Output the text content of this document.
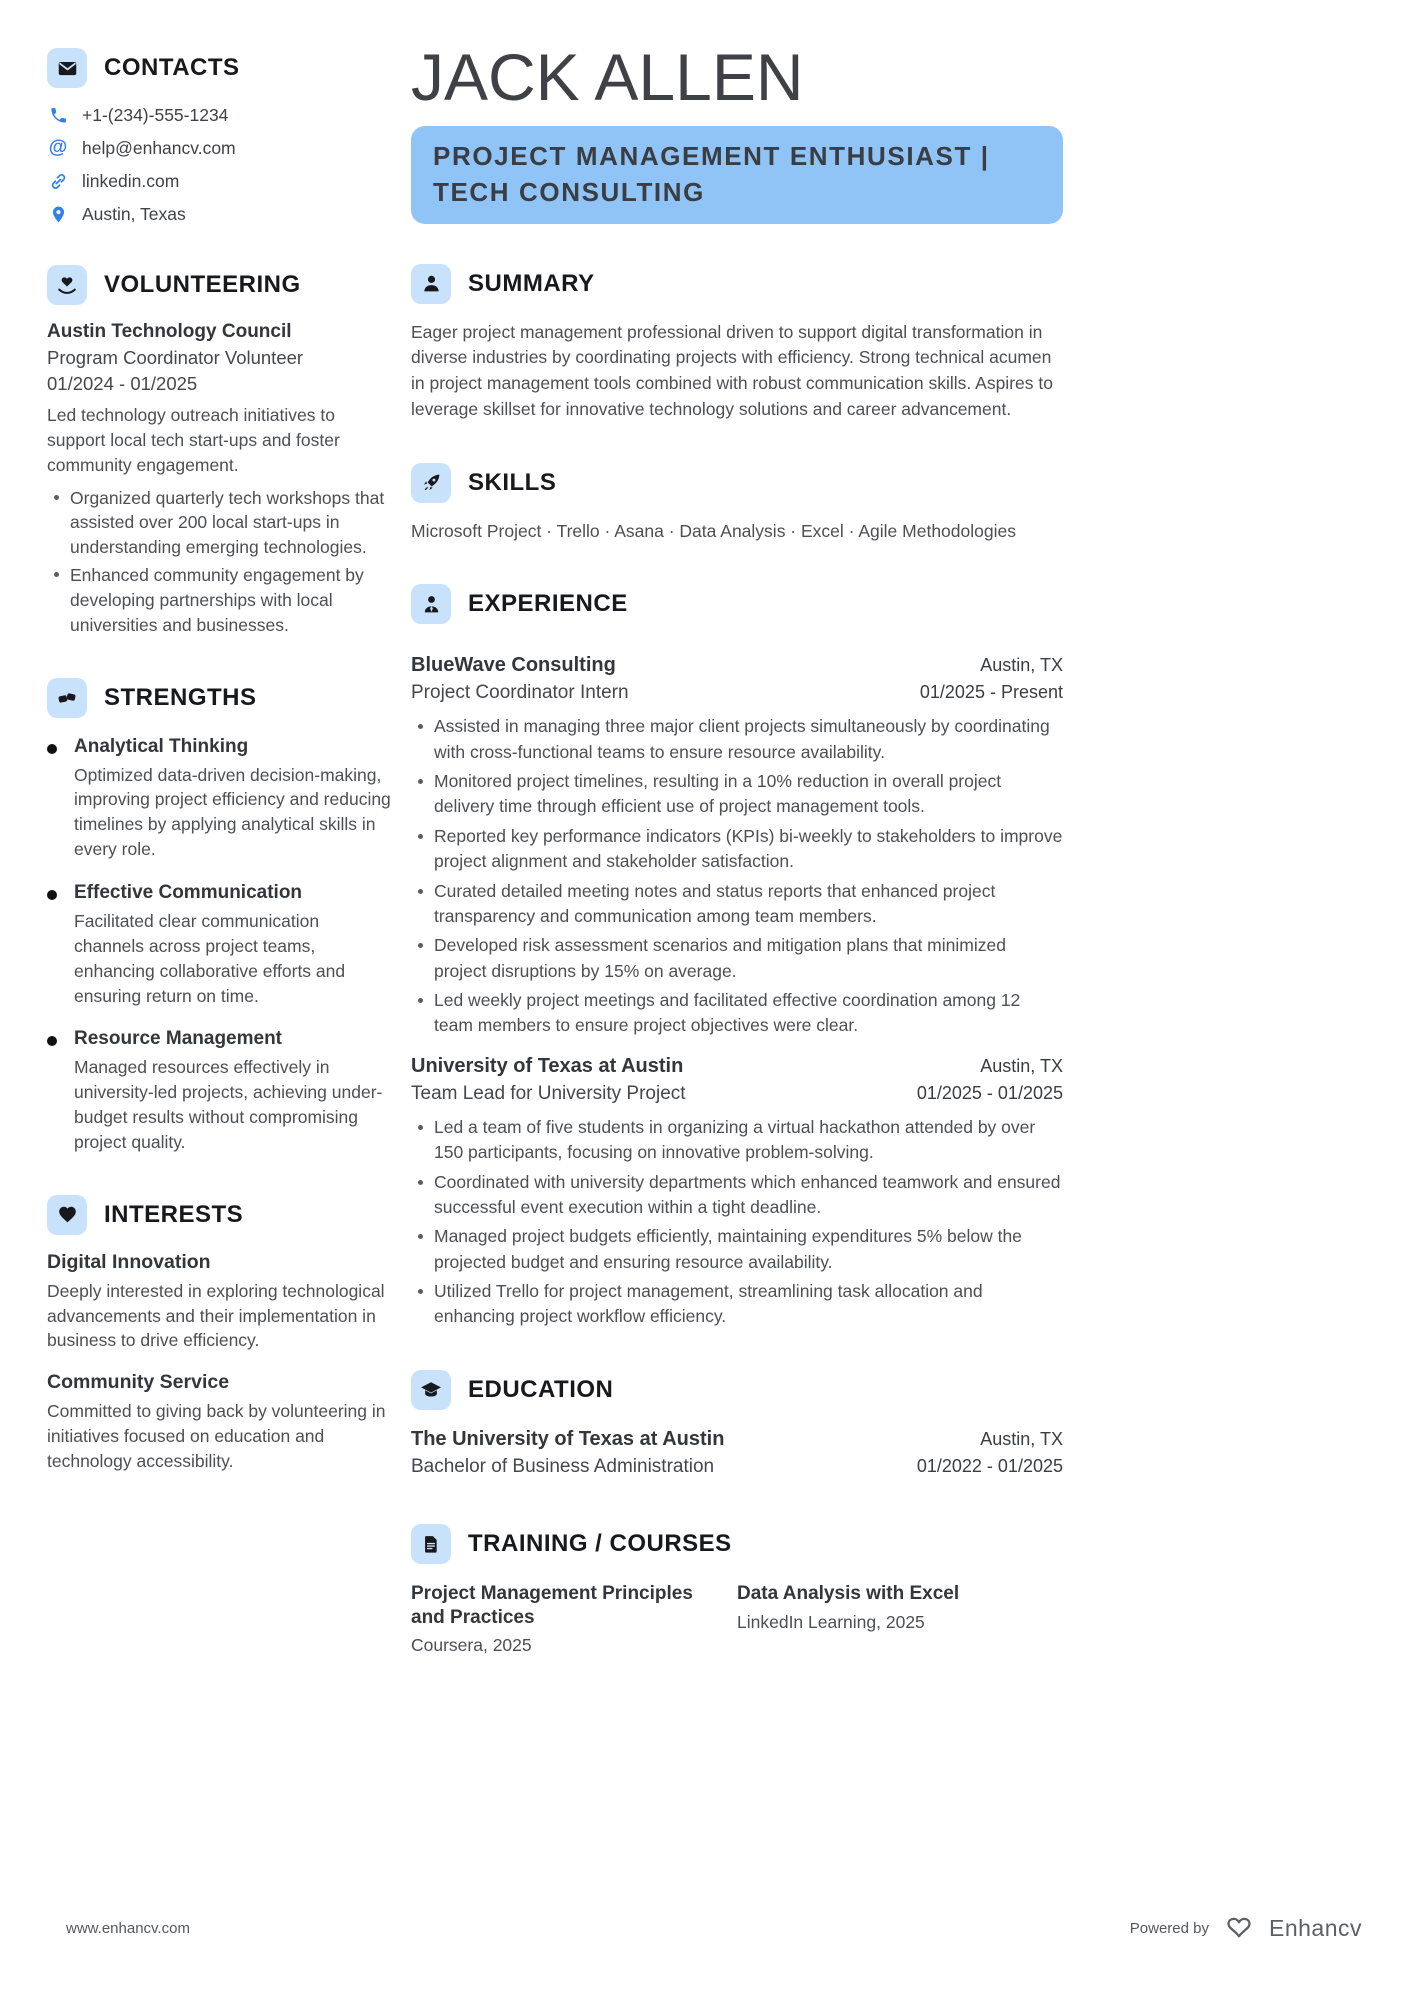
CONTACTS
+1-(234)-555-1234
@ help@enhancv.com
linkedin.com
Austin, Texas
VOLUNTEERING
Austin Technology Council
Program Coordinator Volunteer
01/2024 - 01/2025

Led technology outreach initiatives to support local tech start-ups and foster community engagement.

Organized quarterly tech workshops that assisted over 200 local start-ups in understanding emerging technologies.
Enhanced community engagement by developing partnerships with local universities and businesses.
STRENGTHS
Analytical Thinking

Optimized data-driven decision-making, improving project efficiency and reducing timelines by applying analytical skills in every role.

Effective Communication

Facilitated clear communication channels across project teams, enhancing collaborative efforts and ensuring return on time.

Resource Management

Managed resources effectively in university-led projects, achieving under-budget results without compromising project quality.

INTERESTS
Digital Innovation

Deeply interested in exploring technological advancements and their implementation in business to drive efficiency.

Community Service

Committed to giving back by volunteering in initiatives focused on education and technology accessibility.

JACK ALLEN
PROJECT MANAGEMENT ENTHUSIAST | TECH CONSULTING
SUMMARY

Eager project management professional driven to support digital transformation in diverse industries by coordinating projects with efficiency. Strong technical acumen in project management tools combined with robust communication skills. Aspires to leverage skillset for innovative technology solutions and career advancement.

SKILLS

Microsoft Project · Trello · Asana · Data Analysis · Excel · Agile Methodologies

EXPERIENCE
BlueWave Consulting	Austin, TX
Project Coordinator Intern	01/2025 - Present
Assisted in managing three major client projects simultaneously by coordinating with cross-functional teams to ensure resource availability.
Monitored project timelines, resulting in a 10% reduction in overall project delivery time through efficient use of project management tools.
Reported key performance indicators (KPIs) bi-weekly to stakeholders to improve project alignment and stakeholder satisfaction.
Curated detailed meeting notes and status reports that enhanced project transparency and communication among team members.
Developed risk assessment scenarios and mitigation plans that minimized project disruptions by 15% on average.
Led weekly project meetings and facilitated effective coordination among 12 team members to ensure project objectives were clear.
University of Texas at Austin	Austin, TX
Team Lead for University Project	01/2025 - 01/2025
Led a team of five students in organizing a virtual hackathon attended by over 150 participants, focusing on innovative problem-solving.
Coordinated with university departments which enhanced teamwork and ensured successful event execution within a tight deadline.
Managed project budgets efficiently, maintaining expenditures 5% below the projected budget and ensuring resource availability.
Utilized Trello for project management, streamlining task allocation and enhancing project workflow efficiency.
EDUCATION
The University of Texas at Austin	Austin, TX
Bachelor of Business Administration	01/2022 - 01/2025
TRAINING / COURSES
Project Management Principles and Practices

Coursera, 2025

Data Analysis with Excel

LinkedIn Learning, 2025

www.enhancv.com	Powered by	Enhancv
